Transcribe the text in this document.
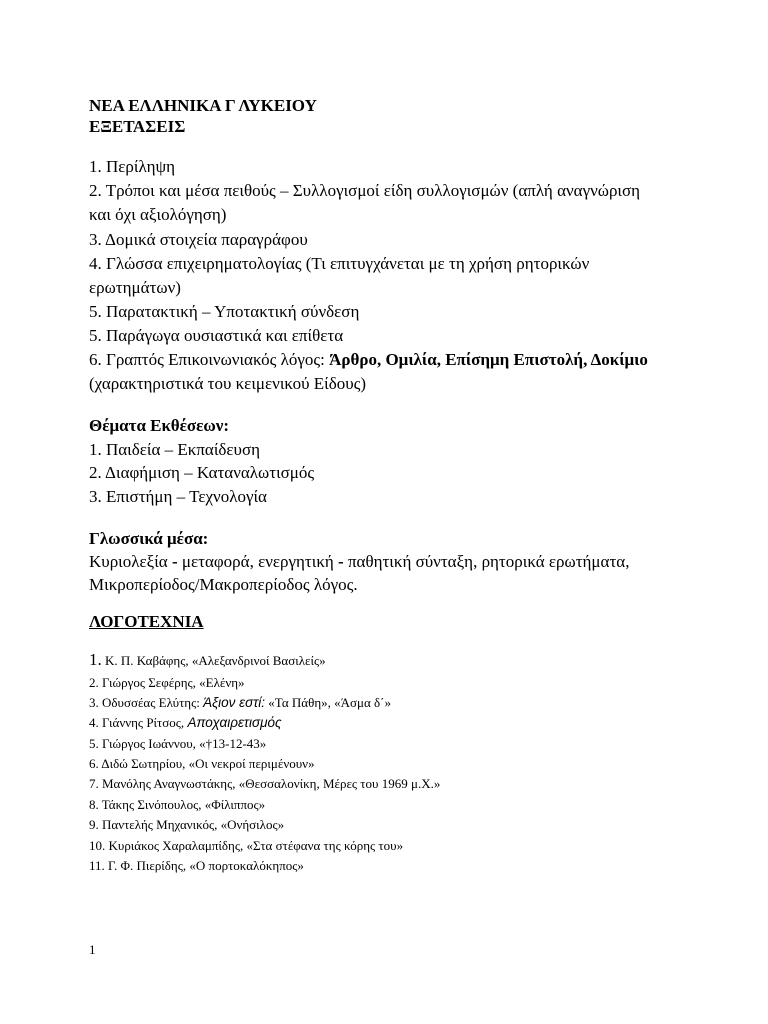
ΝΕΑ ΕΛΛΗΝΙΚΑ Γ ΛΥΚΕΙΟΥ
ΕΞΕΤΑΣΕΙΣ
1. Περίληψη
2. Τρόποι και μέσα πειθούς – Συλλογισμοί είδη συλλογισμών (απλή αναγνώριση
και όχι αξιολόγηση)
3. Δομικά στοιχεία παραγράφου
4. Γλώσσα επιχειρηματολογίας (Τι επιτυγχάνεται με τη χρήση ρητορικών
ερωτημάτων)
5. Παρατακτική – Υποτακτική σύνδεση
5. Παράγωγα ουσιαστικά και επίθετα
6. Γραπτός Επικοινωνιακός λόγος: Άρθρο, Ομιλία, Επίσημη Επιστολή, Δοκίμιο
(χαρακτηριστικά του κειμενικού Είδους)
Θέματα Εκθέσεων:
1. Παιδεία – Εκπαίδευση
2. Διαφήμιση – Καταναλωτισμός
3. Επιστήμη – Τεχνολογία
Γλωσσικά μέσα:
Κυριολεξία - μεταφορά, ενεργητική - παθητική σύνταξη, ρητορικά ερωτήματα,
Μικροπερίοδος/Μακροπερίοδος λόγος.
ΛΟΓΟΤΕΧΝΙΑ
1. Κ. Π. Καβάφης, «Αλεξανδρινοί Βασιλείς»
2. Γιώργος Σεφέρης, «Ελένη»
3. Οδυσσέας Ελύτης: Άξιον εστί: «Τα Πάθη», «Άσμα δ΄»
4. Γιάννης Ρίτσος, Αποχαιρετισμός
5. Γιώργος Ιωάννου, «†13-12-43»
6. Διδώ Σωτηρίου, «Οι νεκροί περιμένουν»
7. Μανόλης Αναγνωστάκης, «Θεσσαλονίκη, Μέρες του 1969 μ.Χ.»
8. Τάκης Σινόπουλος, «Φίλιππος»
9. Παντελής Μηχανικός, «Ονήσιλος»
10. Κυριάκος Χαραλαμπίδης, «Στα στέφανα της κόρης του»
11. Γ. Φ. Πιερίδης, «Ο πορτοκαλόκηπος»
1
